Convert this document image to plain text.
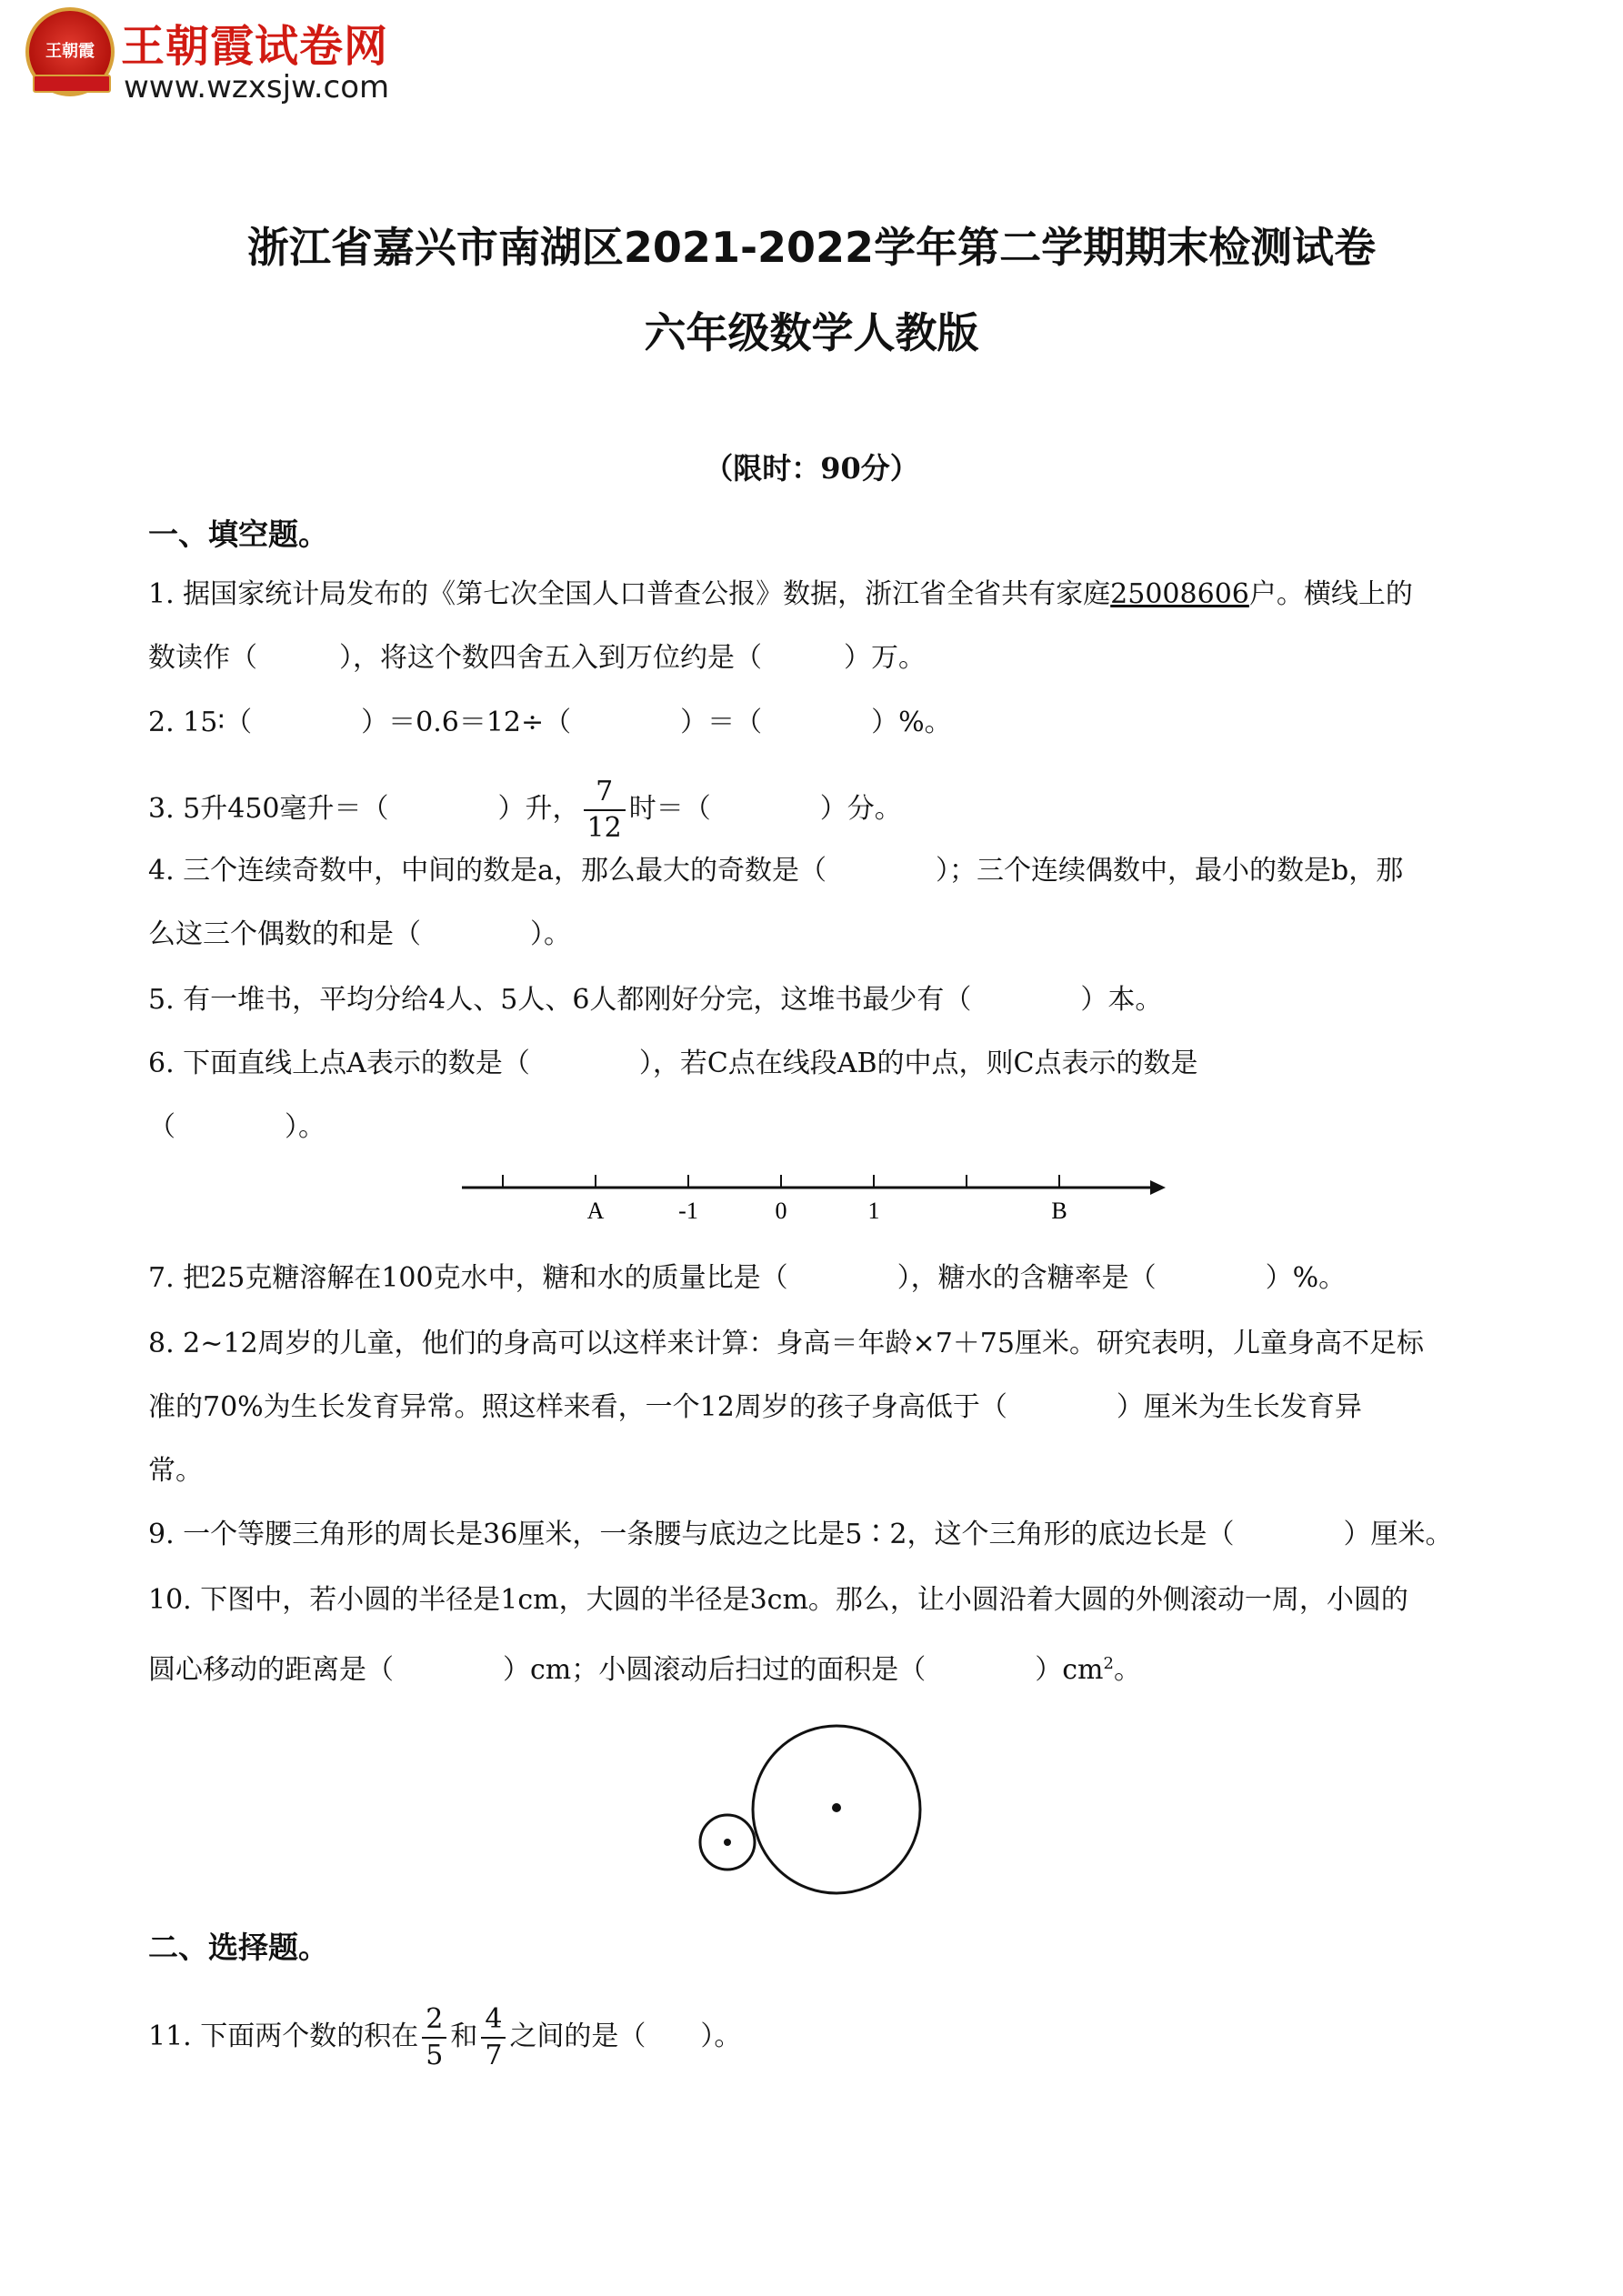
王朝霞 王朝霞试卷网
www.wzxsjw.com
浙江省嘉兴市南湖区2021-2022学年第二学期期末检测试卷
六年级数学人教版
（限时：90分）
一、填空题。
1. 据国家统计局发布的《第七次全国人口普查公报》数据，浙江省全省共有家庭25008606户。横线上的
数读作（　　　），将这个数四舍五入到万位约是（　　　）万。
2. 15∶（　　　　）＝0.6＝12÷（　　　　）＝（　　　　）%。
3. 5升450毫升＝（　　　　）升， $\frac{7}{12}$ 时＝（　　　　）分。
4. 三个连续奇数中，中间的数是a，那么最大的奇数是（　　　　）；三个连续偶数中，最小的数是b，那
么这三个偶数的和是（　　　　）。
5. 有一堆书，平均分给4人、5人、6人都刚好分完，这堆书最少有（　　　　）本。
6. 下面直线上点A表示的数是（　　　　），若C点在线段AB的中点，则C点表示的数是
（　　　　）。
A	-1	0	1	B
7. 把25克糖溶解在100克水中，糖和水的质量比是（　　　　），糖水的含糖率是（　　　　）%。
8. 2~12周岁的儿童，他们的身高可以这样来计算：身高＝年龄×7＋75厘米。研究表明，儿童身高不足标
准的70%为生长发育异常。照这样来看，一个12周岁的孩子身高低于（　　　　）厘米为生长发育异
常。
9. 一个等腰三角形的周长是36厘米，一条腰与底边之比是5∶2，这个三角形的底边长是（　　　　）厘米。
10. 下图中，若小圆的半径是1cm，大圆的半径是3cm。那么，让小圆沿着大圆的外侧滚动一周，小圆的
圆心移动的距离是（　　　　）cm；小圆滚动后扫过的面积是（　　　　）$cm^2$。
二、选择题。
11. 下面两个数的积在 $\frac{2}{5}$ 和 $\frac{4}{7}$ 之间的是（　　）。
